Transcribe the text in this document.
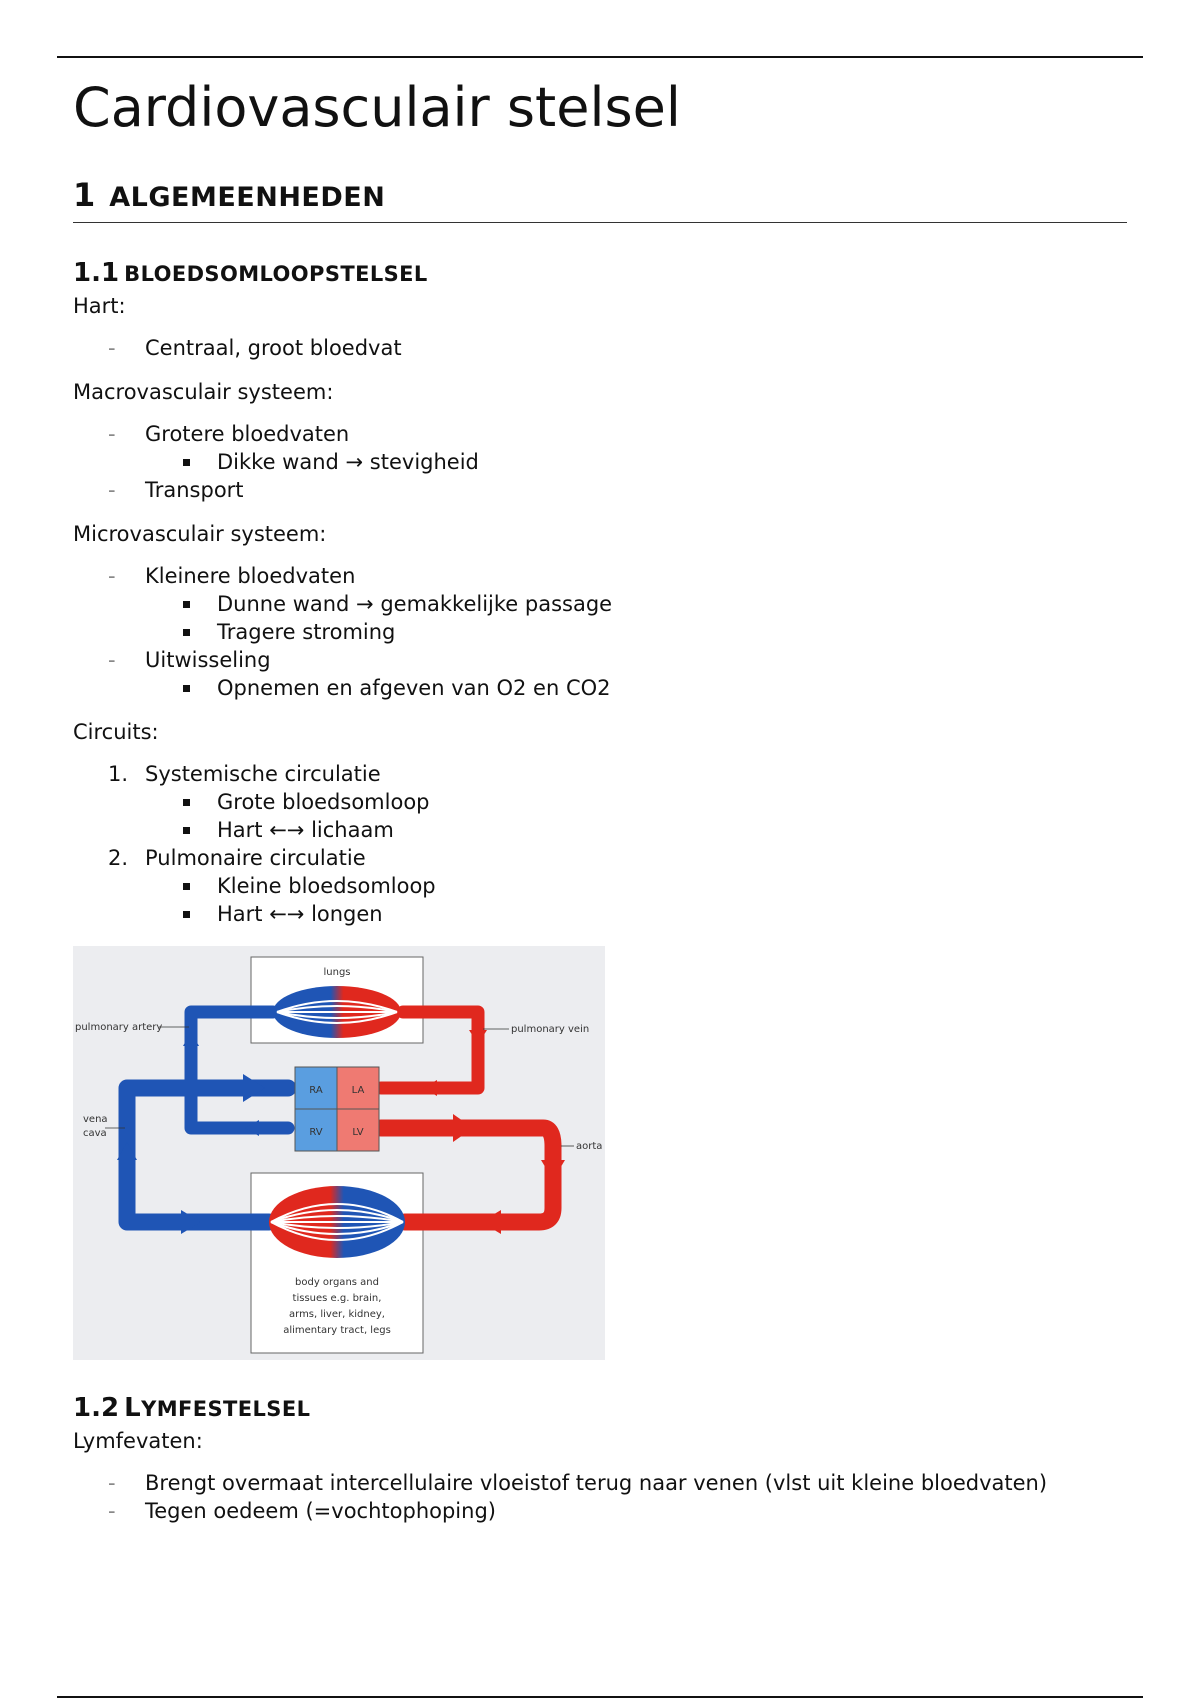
Cardiovasculair stelsel
1 ALGEMEENHEDEN
1.1 BLOEDSOMLOOPSTELSEL

Hart:

- Centraal, groot bloedvat

Macrovasculair systeem:

- Grotere bloedvaten
Dikke wand → stevigheid
- Transport

Microvasculair systeem:

- Kleinere bloedvaten
Dunne wand → gemakkelijke passage
Tragere stroming
- Uitwisseling
Opnemen en afgeven van O2 en CO2

Circuits:

1. Systemische circulatie
Grote bloedsomloop
Hart ←→ lichaam
2. Pulmonaire circulatie
Kleine bloedsomloop
Hart ←→ longen
RA
RV
LA
LV
lungs
pulmonary artery	pulmonary vein
vena
cava
aorta
body organs and
tissues e.g. brain,
arms, liver, kidney,
alimentary tract, legs
1.2 LYMFESTELSEL

Lymfevaten:

- Brengt overmaat intercellulaire vloeistof terug naar venen (vlst uit kleine bloedvaten)
- Tegen oedeem (=vochtophoping)
